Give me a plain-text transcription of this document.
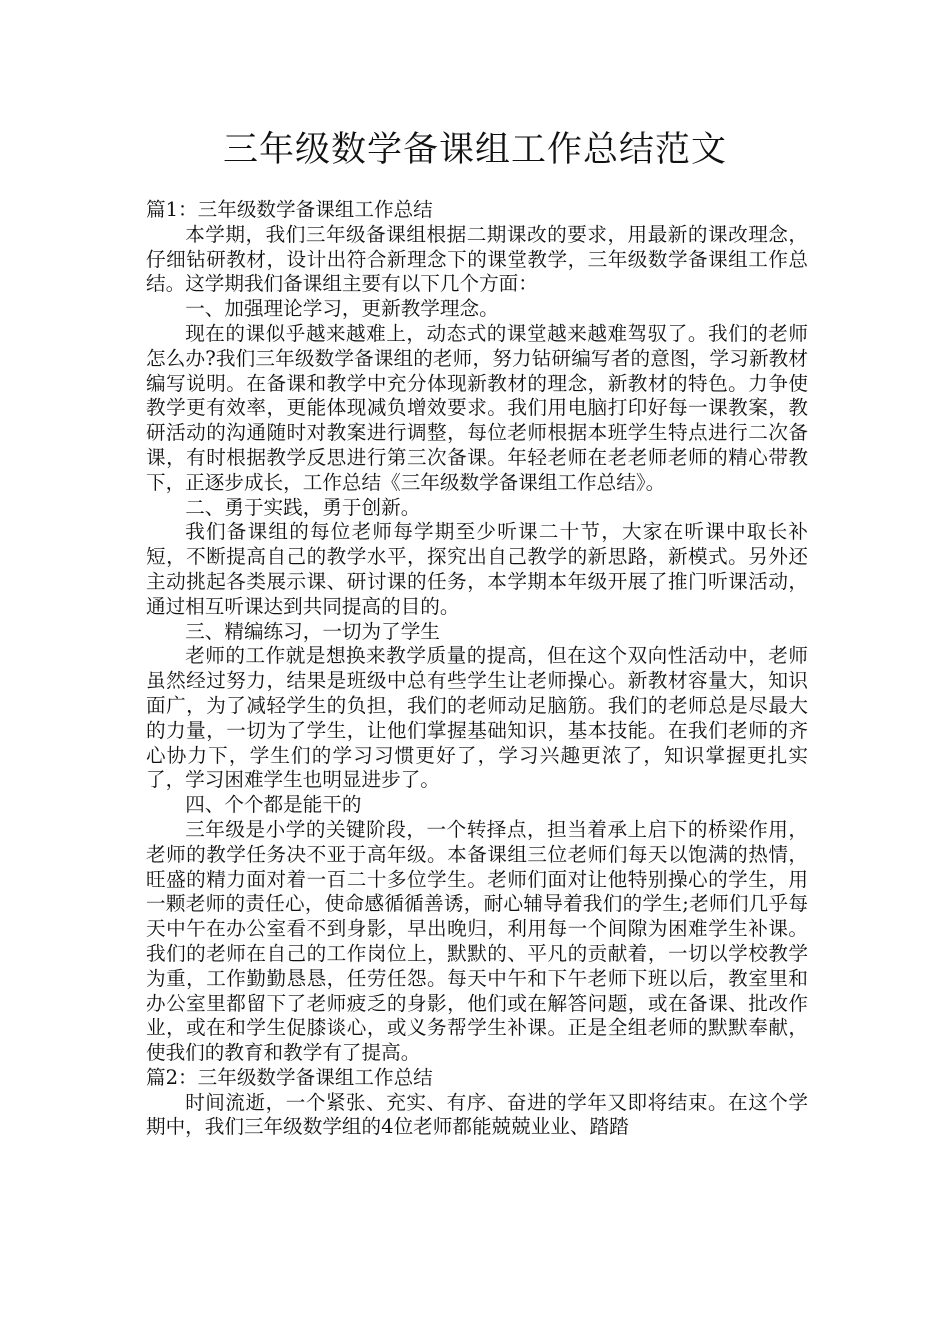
三年级数学备课组工作总结范文

篇1：三年级数学备课组工作总结

本学期，我们三年级备课组根据二期课改的要求，用最新的课改理念，仔细钻研教材，设计出符合新理念下的课堂教学，三年级数学备课组工作总结。这学期我们备课组主要有以下几个方面：

一、加强理论学习，更新教学理念。

现在的课似乎越来越难上，动态式的课堂越来越难驾驭了。我们的老师怎么办?我们三年级数学备课组的老师，努力钻研编写者的意图，学习新教材编写说明。在备课和教学中充分体现新教材的理念，新教材的特色。力争使教学更有效率，更能体现减负增效要求。我们用电脑打印好每一课教案，教研活动的沟通随时对教案进行调整，每位老师根据本班学生特点进行二次备课，有时根据教学反思进行第三次备课。年轻老师在老老师老师的精心带教下，正逐步成长，工作总结《三年级数学备课组工作总结》。

二、勇于实践，勇于创新。

我们备课组的每位老师每学期至少听课二十节，大家在听课中取长补短，不断提高自己的教学水平，探究出自己教学的新思路，新模式。另外还主动挑起各类展示课、研讨课的任务，本学期本年级开展了推门听课活动，通过相互听课达到共同提高的目的。

三、精编练习，一切为了学生

老师的工作就是想换来教学质量的提高，但在这个双向性活动中，老师虽然经过努力，结果是班级中总有些学生让老师操心。新教材容量大，知识面广，为了减轻学生的负担，我们的老师动足脑筋。我们的老师总是尽最大的力量，一切为了学生，让他们掌握基础知识，基本技能。在我们老师的齐心协力下，学生们的学习习惯更好了，学习兴趣更浓了，知识掌握更扎实了，学习困难学生也明显进步了。

四、个个都是能干的

三年级是小学的关键阶段，一个转择点，担当着承上启下的桥梁作用，老师的教学任务决不亚于高年级。本备课组三位老师们每天以饱满的热情，旺盛的精力面对着一百二十多位学生。老师们面对让他特别操心的学生，用一颗老师的责任心，使命感循循善诱，耐心辅导着我们的学生;老师们几乎每天中午在办公室看不到身影，早出晚归，利用每一个间隙为困难学生补课。我们的老师在自己的工作岗位上，默默的、平凡的贡献着，一切以学校教学为重，工作勤勤恳恳，任劳任怨。每天中午和下午老师下班以后，教室里和办公室里都留下了老师疲乏的身影，他们或在解答问题，或在备课、批改作业，或在和学生促膝谈心，或义务帮学生补课。正是全组老师的默默奉献，使我们的教育和教学有了提高。

篇2：三年级数学备课组工作总结

时间流逝，一个紧张、充实、有序、奋进的学年又即将结束。在这个学期中，我们三年级数学组的4位老师都能兢兢业业、踏踏
